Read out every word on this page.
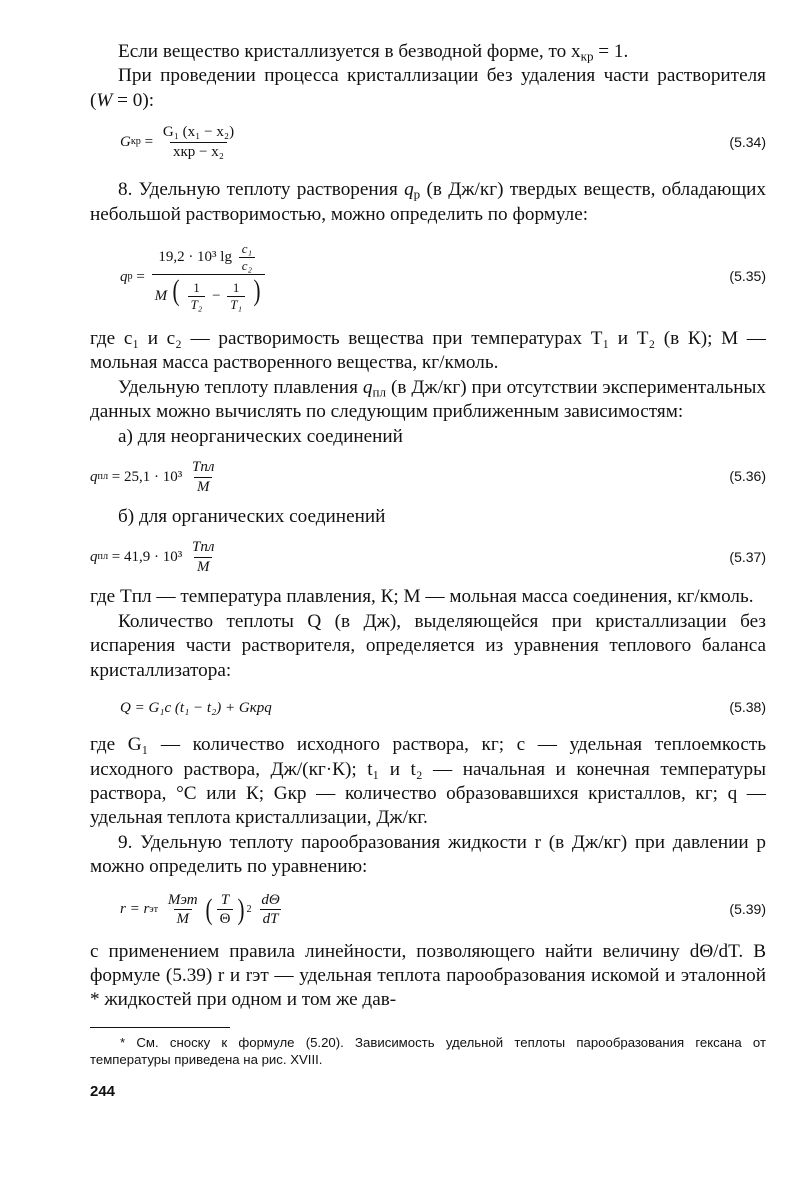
Если вещество кристаллизуется в безводной форме, то $x_{кр} = 1$.

При проведении процесса кристаллизации без удаления части растворителя (W = 0):

G кр = $\frac{\text{G₁ (x₁ − x₂)}}{\text{xкр − x₂}}$	(5.34)

8. Удельную теплоту растворения $q_р$ (в Дж/кг) твердых веществ, обладающих небольшой растворимостью, можно определить по формуле:

q $р = \frac{19,2 \cdot 10^3 \lg \frac{\text{c₁}}{\text{c₂}}}{M ( \frac{1}{\text{T₂}} - \frac{1}{\text{T₁}} )}$	(5.35)

где c₁ и c₂ — растворимость вещества при температурах T₁ и T₂ (в К); M — мольная масса растворенного вещества, кг/кмоль.

Удельную теплоту плавления $q_{пл}$ (в Дж/кг) при отсутствии экспериментальных данных можно вычислять по следующим приближенным зависимостям:

а) для неорганических соединений

q пл
= 25,1 · 10³
$\frac{\text{Tпл}}{M}$	(5.36)

б) для органических соединений

q пл
= 41,9 · 10³
$\frac{\text{Tпл}}{M}$	(5.37)

где Tпл — температура плавления, К; M — мольная масса соединения, кг/кмоль.

Количество теплоты Q (в Дж), выделяющейся при кристаллизации без испарения части растворителя, определяется из уравнения теплового баланса кристаллизатора:

Q = G₁c (t₁ − t₂) + Gкрq	(5.38)

где G₁ — количество исходного раствора, кг; c — удельная теплоемкость исходного раствора, Дж/(кг·К); t₁ и t₂ — начальная и конечная температуры раствора, °С или К; Gкр — количество образовавшихся кристаллов, кг; q — удельная теплота кристаллизации, Дж/кг.

9. Удельную теплоту парообразования жидкости r (в Дж/кг) при давлении p можно определить по уравнению:

r = r эт
$\frac{\text{Mэт}}{M}$ ( $\frac{T}{\Theta}$ ) 2
$\frac{d\Theta}{dT}$	(5.39)

с применением правила линейности, позволяющего найти величину dΘ/dT. В формуле (5.39) r и rэт — удельная теплота парообразования искомой и эталонной * жидкостей при одном и том же дав-

* См. сноску к формуле (5.20). Зависимость удельной теплоты парообразования гексана от температуры приведена на рис. XVIII.

244
